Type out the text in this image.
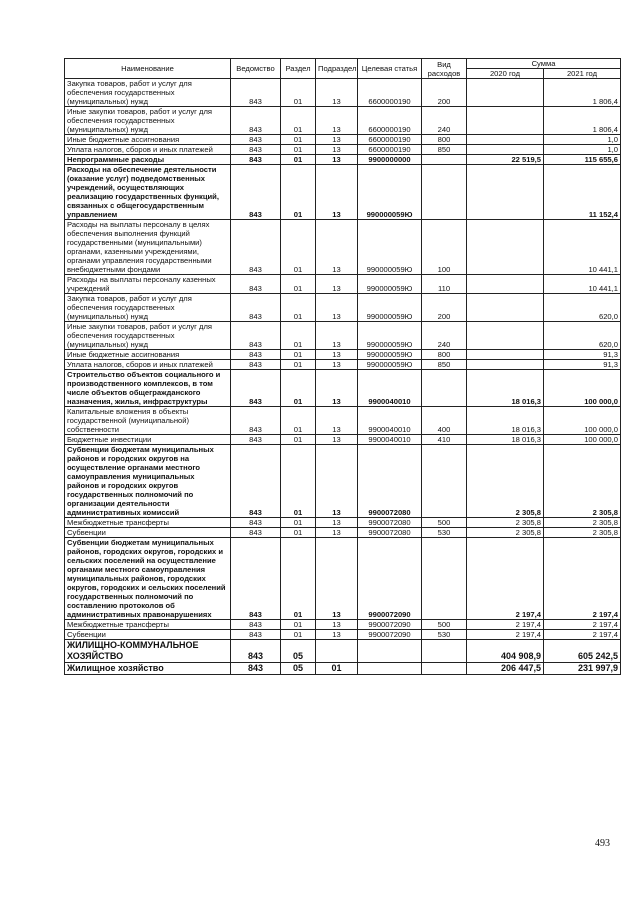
Наименование	Ведомство	Раздел	Подраздел	Целевая статья	Вид расходов	Сумма	
						2020 год	2021 год
Закупка товаров, работ и услуг для обеспечения государственных (муниципальных) нужд	843	01	13	6600000190	200		1 806,4
Иные закупки товаров, работ и услуг для обеспечения государственных (муниципальных) нужд	843	01	13	6600000190	240		1 806,4
Иные бюджетные ассигнования	843	01	13	6600000190	800		1,0
Уплата налогов, сборов и иных платежей	843	01	13	6600000190	850		1,0
Непрограммные расходы	843	01	13	9900000000		22 519,5	115 655,6
Расходы на обеспечение деятельности (оказание услуг) подведомственных учреждений, осуществляющих реализацию государственных функций, связанных с общегосударственным управлением	843	01	13	990000059Ю			11 152,4
Расходы на выплаты персоналу в целях обеспечения выполнения функций государственными (муниципальными) органами, казенными учреждениями, органами управления государственными внебюджетными фондами	843	01	13	990000059Ю	100		10 441,1
Расходы на выплаты персоналу казенных учреждений	843	01	13	990000059Ю	110		10 441,1
Закупка товаров, работ и услуг для обеспечения государственных (муниципальных) нужд	843	01	13	990000059Ю	200		620,0
Иные закупки товаров, работ и услуг для обеспечения государственных (муниципальных) нужд	843	01	13	990000059Ю	240		620,0
Иные бюджетные ассигнования	843	01	13	990000059Ю	800		91,3
Уплата налогов, сборов и иных платежей	843	01	13	990000059Ю	850		91,3
Строительство объектов социального и производственного комплексов, в том числе объектов общегражданского назначения, жилья, инфраструктуры	843	01	13	9900040010		18 016,3	100 000,0
Капитальные вложения в объекты государственной (муниципальной) собственности	843	01	13	9900040010	400	18 016,3	100 000,0
Бюджетные инвестиции	843	01	13	9900040010	410	18 016,3	100 000,0
Субвенции бюджетам муниципальных районов и городских округов на осуществление органами местного самоуправления муниципальных районов и городских округов государственных полномочий по организации деятельности административных комиссий	843	01	13	9900072080		2 305,8	2 305,8
Межбюджетные трансферты	843	01	13	9900072080	500	2 305,8	2 305,8
Субвенции	843	01	13	9900072080	530	2 305,8	2 305,8
Субвенции бюджетам муниципальных районов, городских округов, городских и сельских поселений на осуществление органами местного самоуправления муниципальных районов, городских округов, городских и сельских поселений государственных полномочий по составлению протоколов об административных правонарушениях	843	01	13	9900072090		2 197,4	2 197,4
Межбюджетные трансферты	843	01	13	9900072090	500	2 197,4	2 197,4
Субвенции	843	01	13	9900072090	530	2 197,4	2 197,4
ЖИЛИЩНО-КОММУНАЛЬНОЕ ХОЗЯЙСТВО	843	05				404 908,9	605 242,5
Жилищное хозяйство	843	05	01			206 447,5	231 997,9
493
